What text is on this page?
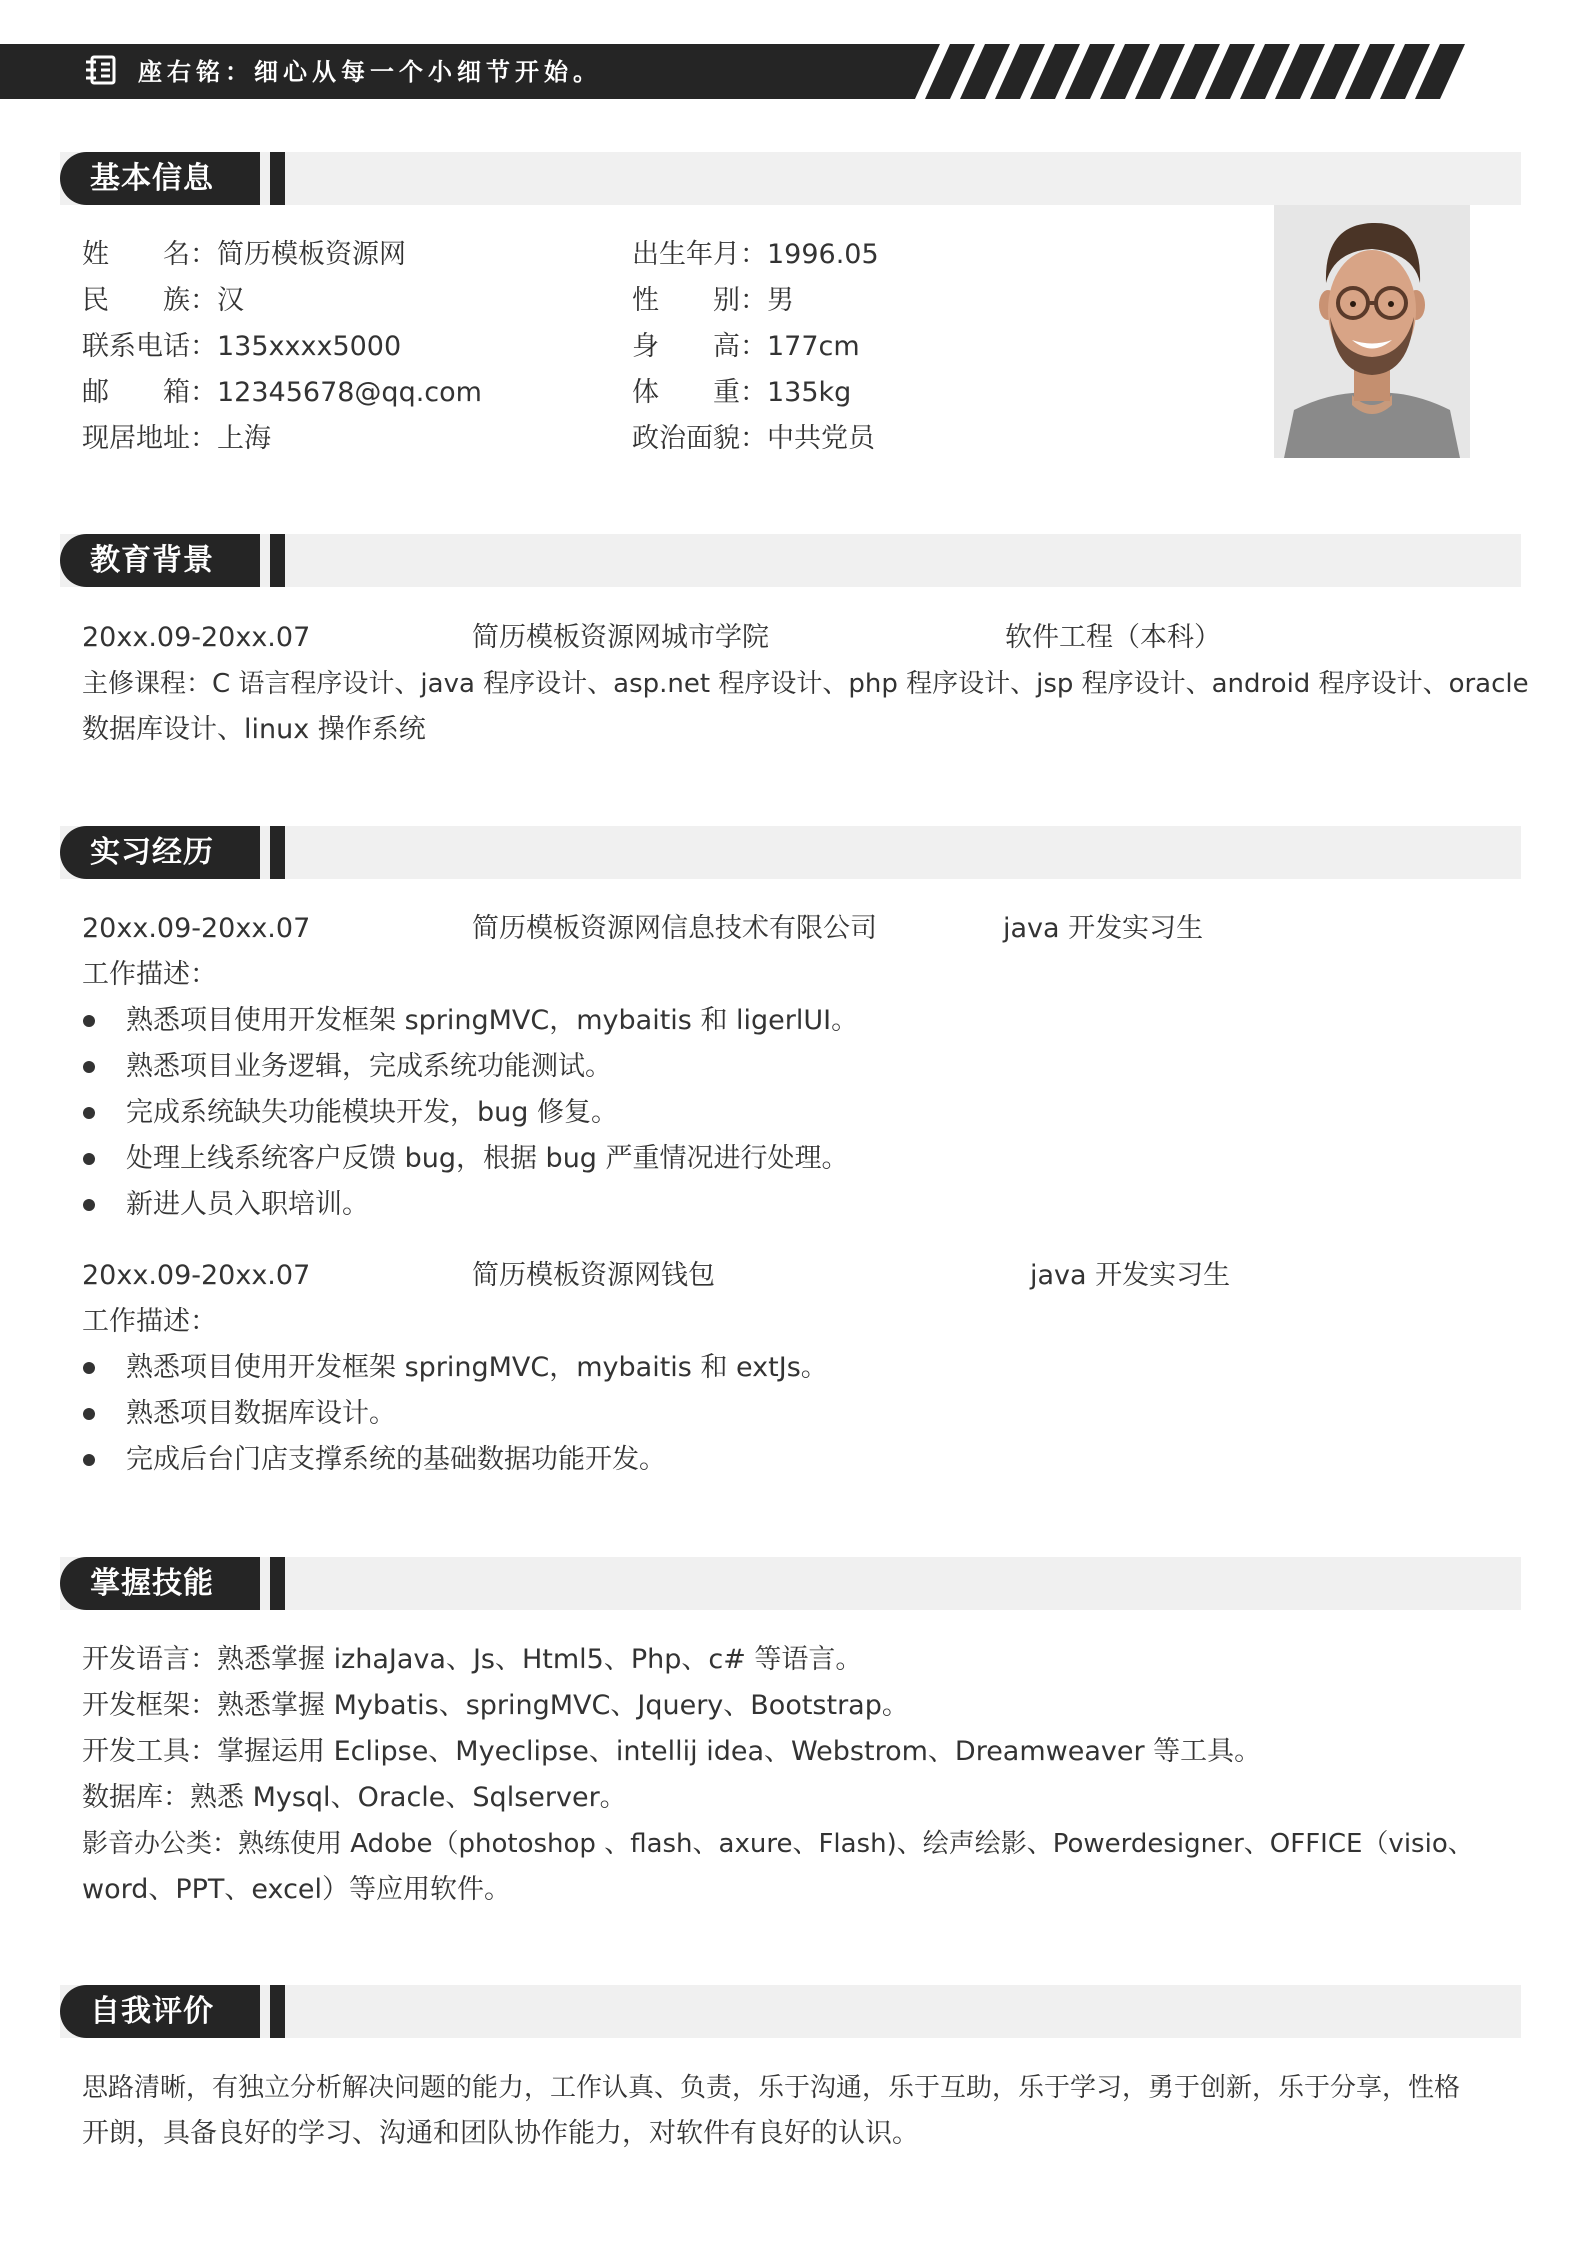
座右铭：细心从每一个小细节开始。
基本信息
姓　　名：简历模板资源网
民　　族：汉
联系电话：135xxxx5000
邮　　箱：12345678@qq.com
现居地址：上海
出生年月：1996.05
性　　别：男
身　　高：177cm
体　　重：135kg
政治面貌：中共党员
教育背景
20xx.09-20xx.07	简历模板资源网城市学院	软件工程（本科）
主修课程：C 语言程序设计、java 程序设计、asp.net 程序设计、php 程序设计、jsp 程序设计、android 程序设计、oracle
数据库设计、linux 操作系统
实习经历
20xx.09-20xx.07	简历模板资源网信息技术有限公司	java 开发实习生
工作描述：
熟悉项目使用开发框架 springMVC，mybaitis 和 ligerlUI。
熟悉项目业务逻辑，完成系统功能测试。
完成系统缺失功能模块开发，bug 修复。
处理上线系统客户反馈 bug，根据 bug 严重情况进行处理。
新进人员入职培训。
20xx.09-20xx.07	简历模板资源网钱包	java 开发实习生
工作描述：
熟悉项目使用开发框架 springMVC，mybaitis 和 extJs。
熟悉项目数据库设计。
完成后台门店支撑系统的基础数据功能开发。
掌握技能
开发语言：熟悉掌握 izhaJava、Js、Html5、Php、c# 等语言。
开发框架：熟悉掌握 Mybatis、springMVC、Jquery、Bootstrap。
开发工具：掌握运用 Eclipse、Myeclipse、intellij idea、Webstrom、Dreamweaver 等工具。
数据库：熟悉 Mysql、Oracle、Sqlserver。
影音办公类：熟练使用 Adobe（photoshop 、flash、axure、Flash)、绘声绘影、Powerdesigner、OFFICE（visio、
word、PPT、excel）等应用软件。
自我评价
思路清晰，有独立分析解决问题的能力，工作认真、负责，乐于沟通，乐于互助，乐于学习，勇于创新，乐于分享，性格
开朗，具备良好的学习、沟通和团队协作能力，对软件有良好的认识。
